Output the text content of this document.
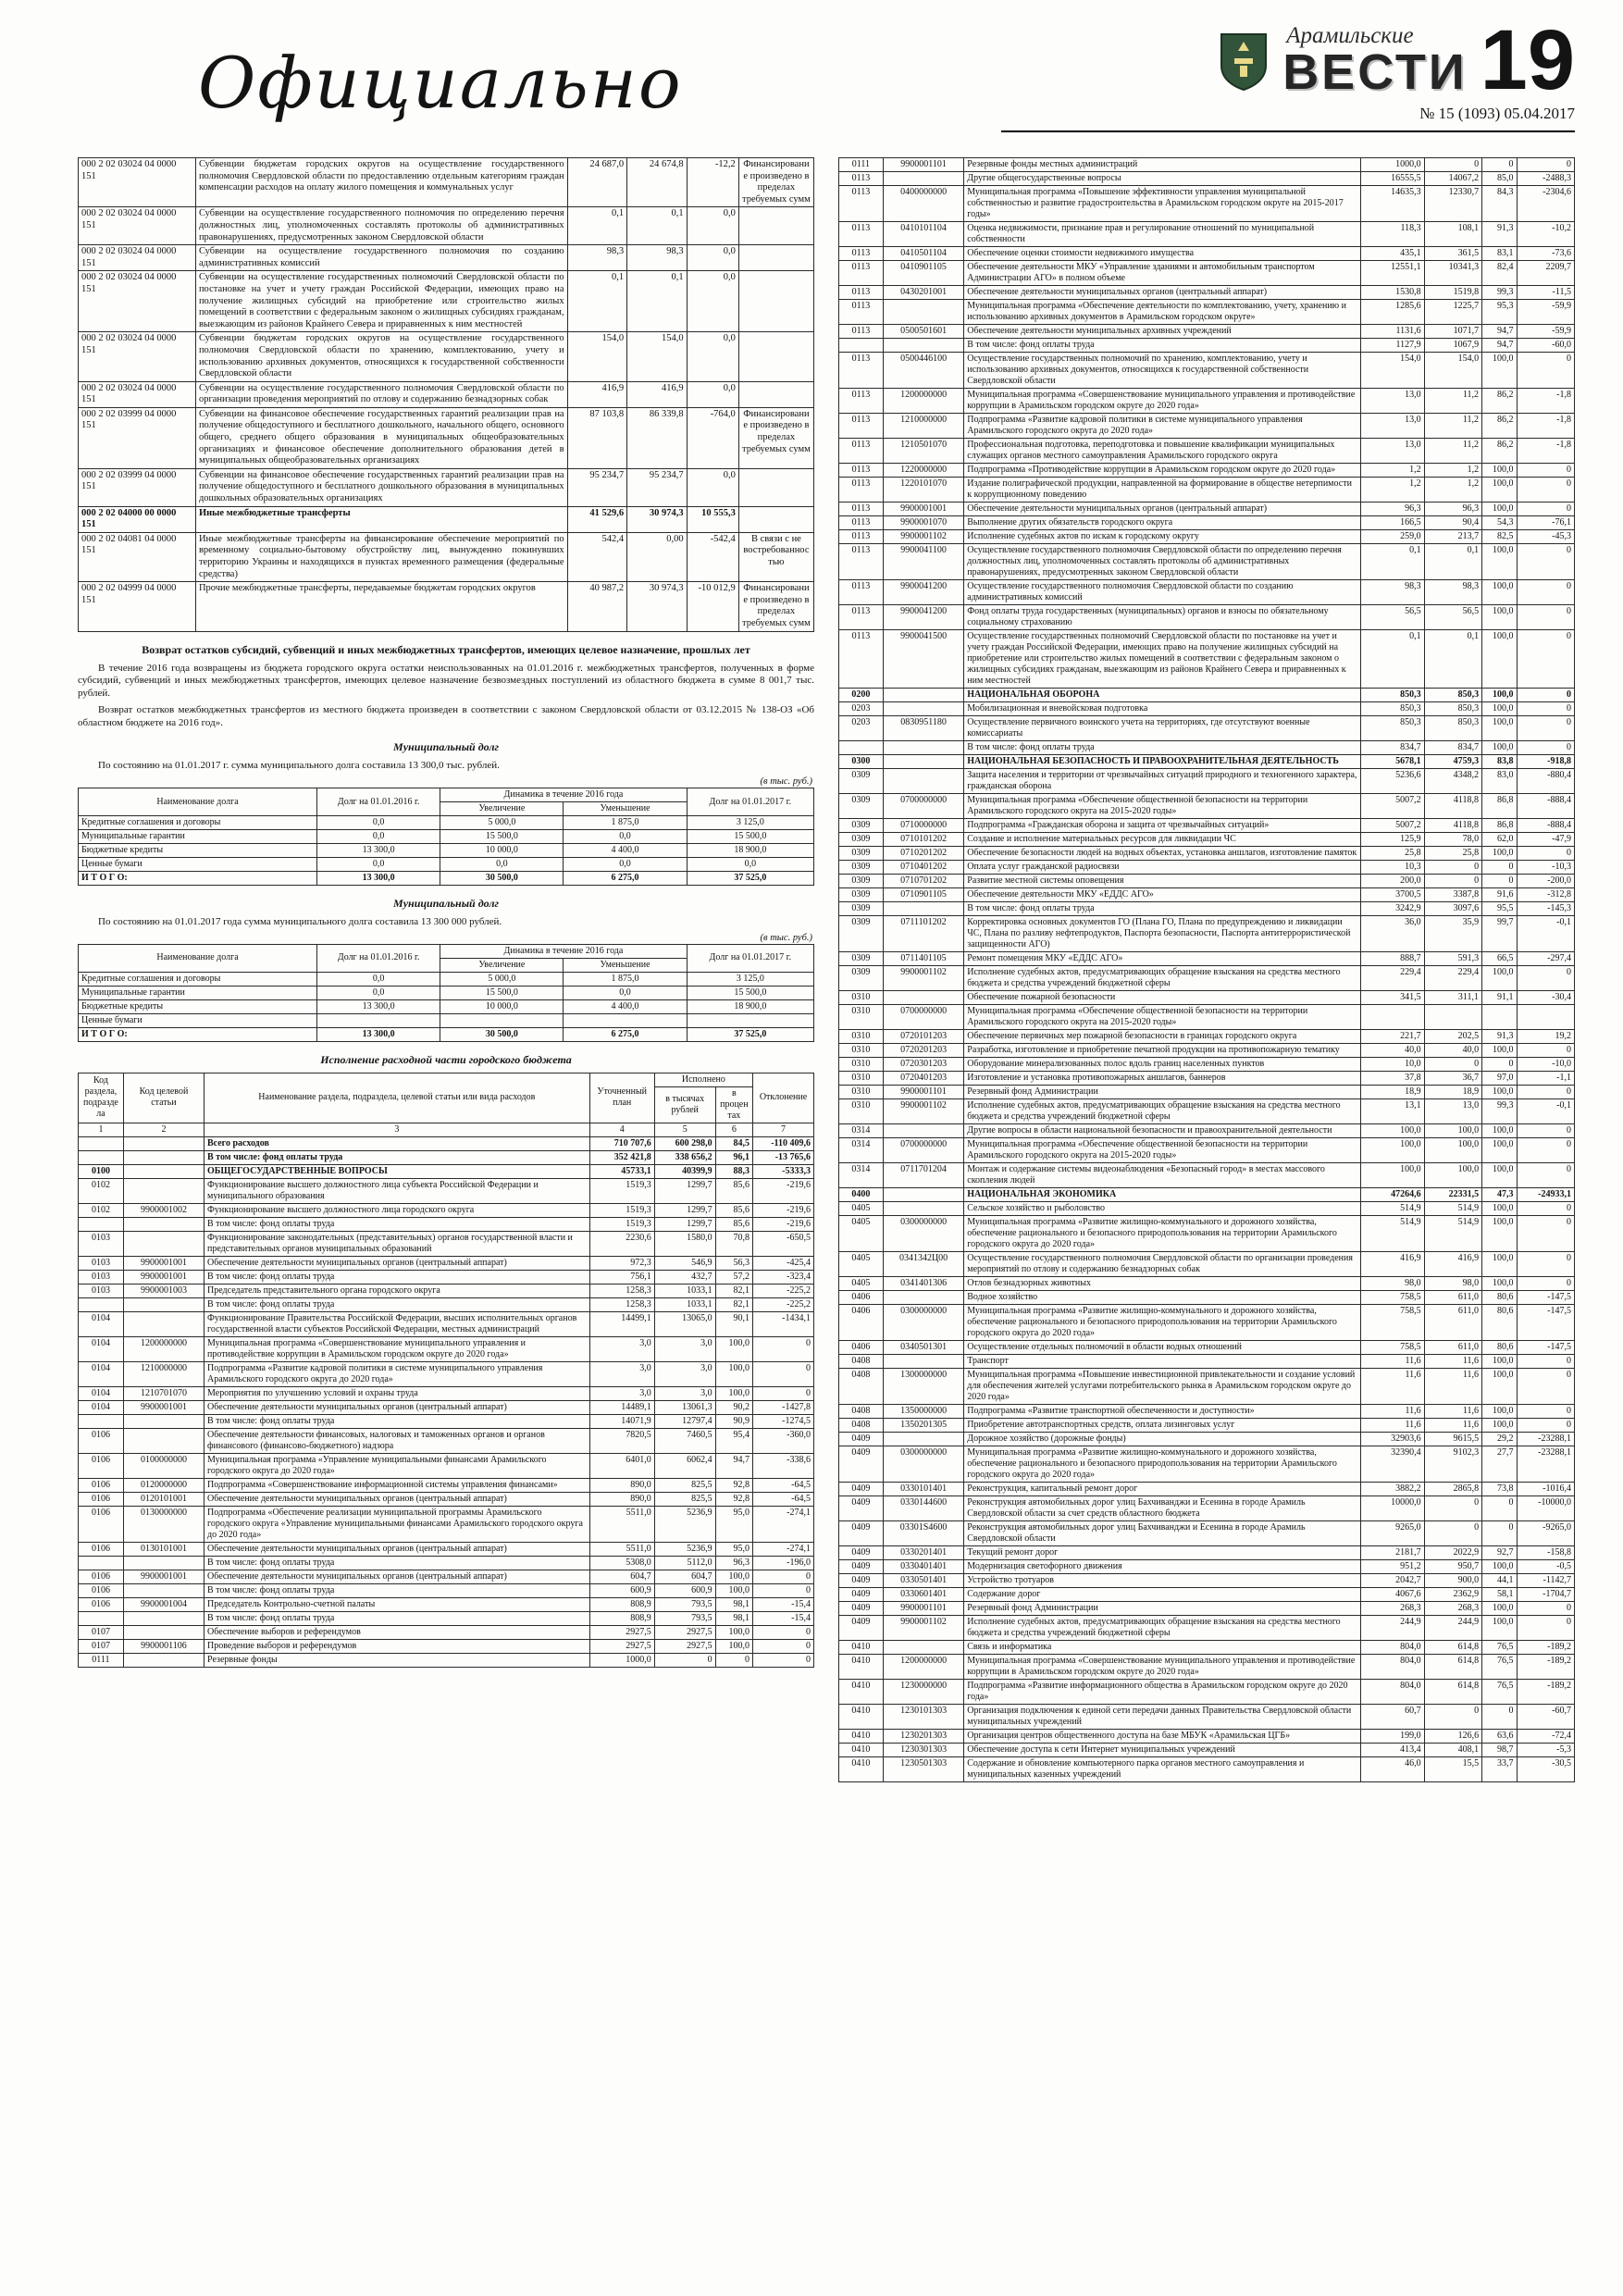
Официально
Арамильские
ВЕСТИ 19
№ 15 (1093) 05.04.2017
000 2 02 03024 04 0000 151	Субвенции бюджетам городских округов на осуществление государственного полномочия Свердловской области по предоставлению отдельным категориям граждан компенсации расходов на оплату жилого помещения и коммунальных услуг	24 687,0	24 674,8	-12,2	Финансирование произведено в пределах требуемых сумм
000 2 02 03024 04 0000 151	Субвенции на осуществление государственного полномочия по определению перечня должностных лиц, уполномоченных составлять протоколы об административных правонарушениях, предусмотренных законом Свердловской области	0,1	0,1	0,0	
000 2 02 03024 04 0000 151	Субвенции на осуществление государственного полномочия по созданию административных комиссий	98,3	98,3	0,0	
000 2 02 03024 04 0000 151	Субвенции на осуществление государственных полномочий Свердловской области по постановке на учет и учету граждан Российской Федерации, имеющих право на получение жилищных субсидий на приобретение или строительство жилых помещений в соответствии с федеральным законом о жилищных субсидиях гражданам, выезжающим из районов Крайнего Севера и приравненных к ним местностей	0,1	0,1	0,0	
000 2 02 03024 04 0000 151	Субвенции бюджетам городских округов на осуществление государственного полномочия Свердловской области по хранению, комплектованию, учету и использованию архивных документов, относящихся к государственной собственности Свердловской области	154,0	154,0	0,0	
000 2 02 03024 04 0000 151	Субвенции на осуществление государственного полномочия Свердловской области по организации проведения мероприятий по отлову и содержанию безнадзорных собак	416,9	416,9	0,0	
000 2 02 03999 04 0000 151	Субвенции на финансовое обеспечение государственных гарантий реализации прав на получение общедоступного и бесплатного дошкольного, начального общего, основного общего, среднего общего образования в муниципальных общеобразовательных организациях и финансовое обеспечение дополнительного образования детей в муниципальных общеобразовательных организациях	87 103,8	86 339,8	-764,0	Финансирование произведено в пределах требуемых сумм
000 2 02 03999 04 0000 151	Субвенции на финансовое обеспечение государственных гарантий реализации прав на получение общедоступного и бесплатного дошкольного образования в муниципальных дошкольных образовательных организациях	95 234,7	95 234,7	0,0	
000 2 02 04000 00 0000 151	Иные межбюджетные трансферты	41 529,6	30 974,3	10 555,3	
000 2 02 04081 04 0000 151	Иные межбюджетные трансферты на финансирование обеспечение мероприятий по временному социально-бытовому обустройству лиц, вынужденно покинувших территорию Украины и находящихся в пунктах временного размещения (федеральные средства)	542,4	0,00	-542,4	В связи с не востребованностью
000 2 02 04999 04 0000 151	Прочие межбюджетные трансферты, передаваемые бюджетам городских округов	40 987,2	30 974,3	-10 012,9	Финансирование произведено в пределах требуемых сумм
Возврат остатков субсидий, субвенций и иных межбюджетных трансфертов, имеющих целевое назначение, прошлых лет

В течение 2016 года возвращены из бюджета городского округа остатки неиспользованных на 01.01.2016 г. межбюджетных трансфертов, полученных в форме субсидий, субвенций и иных межбюджетных трансфертов, имеющих целевое назначение безвозмездных поступлений из областного бюджета в сумме 8 001,7 тыс. рублей.

Возврат остатков межбюджетных трансфертов из местного бюджета произведен в соответствии с законом Свердловской области от 03.12.2015 № 138-ОЗ «Об областном бюджете на 2016 год».

Муниципальный долг

По состоянию на 01.01.2017 г. сумма муниципального долга составила 13 300,0 тыс. рублей.

(в тыс. руб.)
Наименование долга	Долг на 01.01.2016 г.	Динамика в течение 2016 года		Долг на 01.01.2017 г.
		Увеличение	Уменьшение	
Кредитные соглашения и договоры	0,0	5 000,0	1 875,0	3 125,0
Муниципальные гарантии	0,0	15 500,0	0,0	15 500,0
Бюджетные кредиты	13 300,0	10 000,0	4 400,0	18 900,0
Ценные бумаги	0,0	0,0	0,0	0,0
И Т О Г О:	13 300,0	30 500,0	6 275,0	37 525,0
Муниципальный долг

По состоянию на 01.01.2017 года сумма муниципального долга составила 13 300 000 рублей.

(в тыс. руб.)
Наименование долга	Долг на 01.01.2016 г.	Динамика в течение 2016 года		Долг на 01.01.2017 г.
		Увеличение	Уменьшение	
Кредитные соглашения и договоры	0,0	5 000,0	1 875,0	3 125,0
Муниципальные гарантии	0,0	15 500,0	0,0	15 500,0
Бюджетные кредиты	13 300,0	10 000,0	4 400,0	18 900,0
Ценные бумаги				
И Т О Г О:	13 300,0	30 500,0	6 275,0	37 525,0
Исполнение расходной части городского бюджета
Код раздела, подраздела	Код целевой статьи	Наименование раздела, подраздела, целевой статьи или вида расходов	Уточненный план	Исполнено		Отклонение
				в тысячах рублей	в процентах	
1	2	3	4	5	6	7
		Всего расходов	710 707,6	600 298,0	84,5	-110 409,6
		В том числе: фонд оплаты труда	352 421,8	338 656,2	96,1	-13 765,6
0100		ОБЩЕГОСУДАРСТВЕННЫЕ ВОПРОСЫ	45733,1	40399,9	88,3	-5333,3
0102		Функционирование высшего должностного лица субъекта Российской Федерации и муниципального образования	1519,3	1299,7	85,6	-219,6
0102	9900001002	Функционирование высшего должностного лица городского округа	1519,3	1299,7	85,6	-219,6
		В том числе: фонд оплаты труда	1519,3	1299,7	85,6	-219,6
0103		Функционирование законодательных (представительных) органов государственной власти и представительных органов муниципальных образований	2230,6	1580,0	70,8	-650,5
0103	9900001001	Обеспечение деятельности муниципальных органов (центральный аппарат)	972,3	546,9	56,3	-425,4
0103	9900001001	В том числе: фонд оплаты труда	756,1	432,7	57,2	-323,4
0103	9900001003	Председатель представительного органа городского округа	1258,3	1033,1	82,1	-225,2
		В том числе: фонд оплаты труда	1258,3	1033,1	82,1	-225,2
0104		Функционирование Правительства Российской Федерации, высших исполнительных органов государственной власти субъектов Российской Федерации, местных администраций	14499,1	13065,0	90,1	-1434,1
0104	1200000000	Муниципальная программа «Совершенствование муниципального управления и противодействие коррупции в Арамильском городском округе до 2020 года»	3,0	3,0	100,0	0
0104	1210000000	Подпрограмма «Развитие кадровой политики в системе муниципального управления Арамильского городского округа до 2020 года»	3,0	3,0	100,0	0
0104	1210701070	Мероприятия по улучшению условий и охраны труда	3,0	3,0	100,0	0
0104	9900001001	Обеспечение деятельности муниципальных органов (центральный аппарат)	14489,1	13061,3	90,2	-1427,8
		В том числе: фонд оплаты труда	14071,9	12797,4	90,9	-1274,5
0106		Обеспечение деятельности финансовых, налоговых и таможенных органов и органов финансового (финансово-бюджетного) надзора	7820,5	7460,5	95,4	-360,0
0106	0100000000	Муниципальная программа «Управление муниципальными финансами Арамильского городского округа до 2020 года»	6401,0	6062,4	94,7	-338,6
0106	0120000000	Подпрограмма «Совершенствование информационной системы управления финансами»	890,0	825,5	92,8	-64,5
0106	0120101001	Обеспечение деятельности муниципальных органов (центральный аппарат)	890,0	825,5	92,8	-64,5
0106	0130000000	Подпрограмма «Обеспечение реализации муниципальной программы Арамильского городского округа «Управление муниципальными финансами Арамильского городского округа до 2020 года»	5511,0	5236,9	95,0	-274,1
0106	0130101001	Обеспечение деятельности муниципальных органов (центральный аппарат)	5511,0	5236,9	95,0	-274,1
		В том числе: фонд оплаты труда	5308,0	5112,0	96,3	-196,0
0106	9900001001	Обеспечение деятельности муниципальных органов (центральный аппарат)	604,7	604,7	100,0	0
0106		В том числе: фонд оплаты труда	600,9	600,9	100,0	0
0106	9900001004	Председатель Контрольно-счетной палаты	808,9	793,5	98,1	-15,4
		В том числе: фонд оплаты труда	808,9	793,5	98,1	-15,4
0107		Обеспечение выборов и референдумов	2927,5	2927,5	100,0	0
0107	9900001106	Проведение выборов и референдумов	2927,5	2927,5	100,0	0
0111		Резервные фонды	1000,0	0	0	0
0111	9900001101	Резервные фонды местных администраций	1000,0	0	0	0
0113		Другие общегосударственные вопросы	16555,5	14067,2	85,0	-2488,3
0113	0400000000	Муниципальная программа «Повышение эффективности управления муниципальной собственностью и развитие градостроительства в Арамильском городском округе на 2015-2017 годы»	14635,3	12330,7	84,3	-2304,6
0113	0410101104	Оценка недвижимости, признание прав и регулирование отношений по муниципальной собственности	118,3	108,1	91,3	-10,2
0113	0410501104	Обеспечение оценки стоимости недвижимого имущества	435,1	361,5	83,1	-73,6
0113	0410901105	Обеспечение деятельности МКУ «Управление зданиями и автомобильным транспортом Администрации АГО» в полном объеме	12551,1	10341,3	82,4	2209,7
0113	0430201001	Обеспечение деятельности муниципальных органов (центральный аппарат)	1530,8	1519,8	99,3	-11,5
0113		Муниципальная программа «Обеспечение деятельности по комплектованию, учету, хранению и использованию архивных документов в Арамильском городском округе»	1285,6	1225,7	95,3	-59,9
0113	0500501601	Обеспечение деятельности муниципальных архивных учреждений	1131,6	1071,7	94,7	-59,9
		В том числе: фонд оплаты труда	1127,9	1067,9	94,7	-60,0
0113	0500446100	Осуществление государственных полномочий по хранению, комплектованию, учету и использованию архивных документов, относящихся к государственной собственности Свердловской области	154,0	154,0	100,0	0
0113	1200000000	Муниципальная программа «Совершенствование муниципального управления и противодействие коррупции в Арамильском городском округе до 2020 года»	13,0	11,2	86,2	-1,8
0113	1210000000	Подпрограмма «Развитие кадровой политики в системе муниципального управления Арамильского городского округа до 2020 года»	13,0	11,2	86,2	-1,8
0113	1210501070	Профессиональная подготовка, переподготовка и повышение квалификации муниципальных служащих органов местного самоуправления Арамильского городского округа	13,0	11,2	86,2	-1,8
0113	1220000000	Подпрограмма «Противодействие коррупции в Арамильском городском округе до 2020 года»	1,2	1,2	100,0	0
0113	1220101070	Издание полиграфической продукции, направленной на формирование в обществе нетерпимости к коррупционному поведению	1,2	1,2	100,0	0
0113	9900001001	Обеспечение деятельности муниципальных органов (центральный аппарат)	96,3	96,3	100,0	0
0113	9900001070	Выполнение других обязательств городского округа	166,5	90,4	54,3	-76,1
0113	9900001102	Исполнение судебных актов по искам к городскому округу	259,0	213,7	82,5	-45,3
0113	9900041100	Осуществление государственного полномочия Свердловской области по определению перечня должностных лиц, уполномоченных составлять протоколы об административных правонарушениях, предусмотренных законом Свердловской области	0,1	0,1	100,0	0
0113	9900041200	Осуществление государственного полномочия Свердловской области по созданию административных комиссий	98,3	98,3	100,0	0
0113	9900041200	Фонд оплаты труда государственных (муниципальных) органов и взносы по обязательному социальному страхованию	56,5	56,5	100,0	0
0113	9900041500	Осуществление государственных полномочий Свердловской области по постановке на учет и учету граждан Российской Федерации, имеющих право на получение жилищных субсидий на приобретение или строительство жилых помещений в соответствии с федеральным законом о жилищных субсидиях гражданам, выезжающим из районов Крайнего Севера и приравненных к ним местностей	0,1	0,1	100,0	0
0200		НАЦИОНАЛЬНАЯ ОБОРОНА	850,3	850,3	100,0	0
0203		Мобилизационная и вневойсковая подготовка	850,3	850,3	100,0	0
0203	0830951180	Осуществление первичного воинского учета на территориях, где отсутствуют военные комиссариаты	850,3	850,3	100,0	0
		В том числе: фонд оплаты труда	834,7	834,7	100,0	0
0300		НАЦИОНАЛЬНАЯ БЕЗОПАСНОСТЬ И ПРАВООХРАНИТЕЛЬНАЯ ДЕЯТЕЛЬНОСТЬ	5678,1	4759,3	83,8	-918,8
0309		Защита населения и территории от чрезвычайных ситуаций природного и техногенного характера, гражданская оборона	5236,6	4348,2	83,0	-880,4
0309	0700000000	Муниципальная программа «Обеспечение общественной безопасности на территории Арамильского городского округа на 2015-2020 годы»	5007,2	4118,8	86,8	-888,4
0309	0710000000	Подпрограмма «Гражданская оборона и защита от чрезвычайных ситуаций»	5007,2	4118,8	86,8	-888,4
0309	0710101202	Создание и исполнение материальных ресурсов для ликвидации ЧС	125,9	78,0	62,0	-47,9
0309	0710201202	Обеспечение безопасности людей на водных объектах, установка аншлагов, изготовление памяток	25,8	25,8	100,0	0
0309	0710401202	Оплата услуг гражданской радиосвязи	10,3	0	0	-10,3
0309	0710701202	Развитие местной системы оповещения	200,0	0	0	-200,0
0309	0710901105	Обеспечение деятельности МКУ «ЕДДС АГО»	3700,5	3387,8	91,6	-312,8
0309		В том числе: фонд оплаты труда	3242,9	3097,6	95,5	-145,3
0309	0711101202	Корректировка основных документов ГО (Плана ГО, Плана по предупреждению и ликвидации ЧС, Плана по разливу нефтепродуктов, Паспорта безопасности, Паспорта антитеррористической защищенности АГО)	36,0	35,9	99,7	-0,1
0309	0711401105	Ремонт помещения МКУ «ЕДДС АГО»	888,7	591,3	66,5	-297,4
0309	9900001102	Исполнение судебных актов, предусматривающих обращение взыскания на средства местного бюджета и средства учреждений бюджетной сферы	229,4	229,4	100,0	0
0310		Обеспечение пожарной безопасности	341,5	311,1	91,1	-30,4
0310	0700000000	Муниципальная программа «Обеспечение общественной безопасности на территории Арамильского городского округа на 2015-2020 годы»				
0310	0720101203	Обеспечение первичных мер пожарной безопасности в границах городского округа	221,7	202,5	91,3	19,2
0310	0720201203	Разработка, изготовление и приобретение печатной продукции на противопожарную тематику	40,0	40,0	100,0	0
0310	0720301203	Оборудование минерализованных полос вдоль границ населенных пунктов	10,0	0	0	-10,0
0310	0720401203	Изготовление и установка противопожарных аншлагов, баннеров	37,8	36,7	97,0	-1,1
0310	9900001101	Резервный фонд Администрации	18,9	18,9	100,0	0
0310	9900001102	Исполнение судебных актов, предусматривающих обращение взыскания на средства местного бюджета и средства учреждений бюджетной сферы	13,1	13,0	99,3	-0,1
0314		Другие вопросы в области национальной безопасности и правоохранительной деятельности	100,0	100,0	100,0	0
0314	0700000000	Муниципальная программа «Обеспечение общественной безопасности на территории Арамильского городского округа на 2015-2020 годы»	100,0	100,0	100,0	0
0314	0711701204	Монтаж и содержание системы видеонаблюдения «Безопасный город» в местах массового скопления людей	100,0	100,0	100,0	0
0400		НАЦИОНАЛЬНАЯ ЭКОНОМИКА	47264,6	22331,5	47,3	-24933,1
0405		Сельское хозяйство и рыболовство	514,9	514,9	100,0	0
0405	0300000000	Муниципальная программа «Развитие жилищно-коммунального и дорожного хозяйства, обеспечение рационального и безопасного природопользования на территории Арамильского городского округа до 2020 года»	514,9	514,9	100,0	0
0405	0341342Ц00	Осуществление государственного полномочия Свердловской области по организации проведения мероприятий по отлову и содержанию безнадзорных собак	416,9	416,9	100,0	0
0405	0341401306	Отлов безнадзорных животных	98,0	98,0	100,0	0
0406		Водное хозяйство	758,5	611,0	80,6	-147,5
0406	0300000000	Муниципальная программа «Развитие жилищно-коммунального и дорожного хозяйства, обеспечение рационального и безопасного природопользования на территории Арамильского городского округа до 2020 года»	758,5	611,0	80,6	-147,5
0406	0340501301	Осуществление отдельных полномочий в области водных отношений	758,5	611,0	80,6	-147,5
0408		Транспорт	11,6	11,6	100,0	0
0408	1300000000	Муниципальная программа «Повышение инвестиционной привлекательности и создание условий для обеспечения жителей услугами потребительского рынка в Арамильском городском округе до 2020 года»	11,6	11,6	100,0	0
0408	1350000000	Подпрограмма «Развитие транспортной обеспеченности и доступности»	11,6	11,6	100,0	0
0408	1350201305	Приобретение автотранспортных средств, оплата лизинговых услуг	11,6	11,6	100,0	0
0409		Дорожное хозяйство (дорожные фонды)	32903,6	9615,5	29,2	-23288,1
0409	0300000000	Муниципальная программа «Развитие жилищно-коммунального и дорожного хозяйства, обеспечение рационального и безопасного природопользования на территории Арамильского городского округа до 2020 года»	32390,4	9102,3	27,7	-23288,1
0409	0330101401	Реконструкция, капитальный ремонт дорог	3882,2	2865,8	73,8	-1016,4
0409	0330144600	Реконструкция автомобильных дорог улиц Бахчиванджи и Есенина в городе Арамиль Свердловской области за счет средств областного бюджета	10000,0	0	0	-10000,0
0409	03301S4600	Реконструкция автомобильных дорог улиц Бахчиванджи и Есенина в городе Арамиль Свердловской области	9265,0	0	0	-9265,0
0409	0330201401	Текущий ремонт дорог	2181,7	2022,9	92,7	-158,8
0409	0330401401	Модернизация светофорного движения	951,2	950,7	100,0	-0,5
0409	0330501401	Устройство тротуаров	2042,7	900,0	44,1	-1142,7
0409	0330601401	Содержание дорог	4067,6	2362,9	58,1	-1704,7
0409	9900001101	Резервный фонд Администрации	268,3	268,3	100,0	0
0409	9900001102	Исполнение судебных актов, предусматривающих обращение взыскания на средства местного бюджета и средства учреждений бюджетной сферы	244,9	244,9	100,0	0
0410		Связь и информатика	804,0	614,8	76,5	-189,2
0410	1200000000	Муниципальная программа «Совершенствование муниципального управления и противодействие коррупции в Арамильском городском округе до 2020 года»	804,0	614,8	76,5	-189,2
0410	1230000000	Подпрограмма «Развитие информационного общества в Арамильском городском округе до 2020 года»	804,0	614,8	76,5	-189,2
0410	1230101303	Организация подключения к единой сети передачи данных Правительства Свердловской области муниципальных учреждений	60,7	0	0	-60,7
0410	1230201303	Организация центров общественного доступа на базе МБУК «Арамильская ЦГБ»	199,0	126,6	63,6	-72,4
0410	1230301303	Обеспечение доступа к сети Интернет муниципальных учреждений	413,4	408,1	98,7	-5,3
0410	1230501303	Содержание и обновление компьютерного парка органов местного самоуправления и муниципальных казенных учреждений	46,0	15,5	33,7	-30,5
